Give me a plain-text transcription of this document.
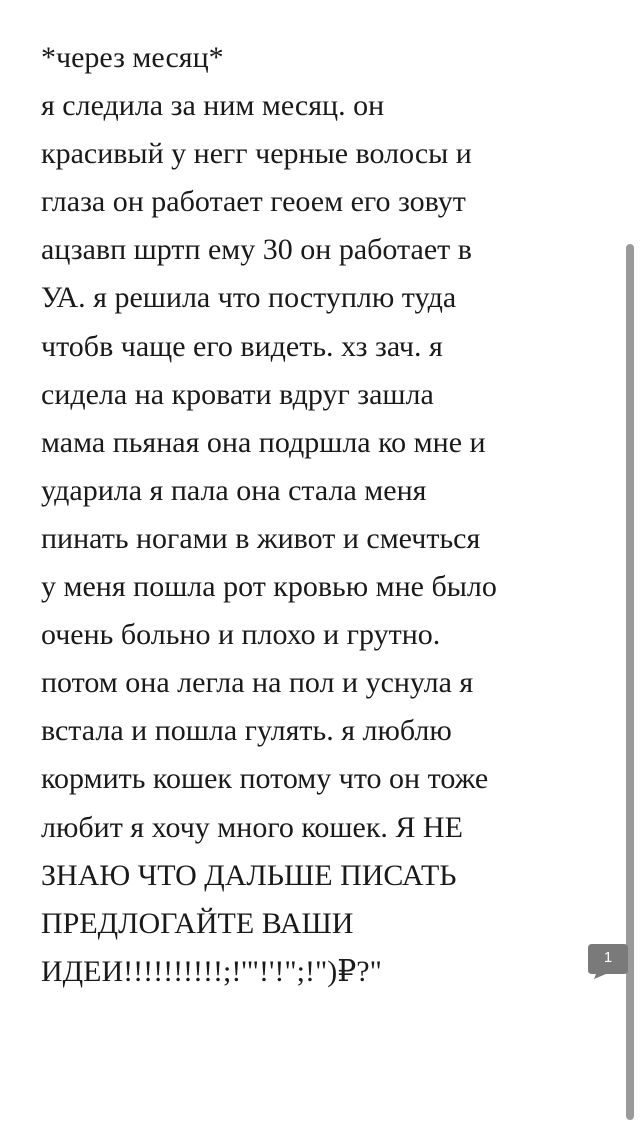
*через месяц*
я следила за ним месяц. он
красивый у негг черные волосы и
глаза он работает геоем его зовут
ацзавп шртп ему 30 он работает в
УА. я решила что поступлю туда
чтобв чаще его видеть. хз зач. я
сидела на кровати вдруг зашла
мама пьяная она подршла ко мне и
ударила я пала она стала меня
пинать ногами в живот и смечться
у меня пошла рот кровью мне было
очень больно и плохо и грутно.
потом она легла на пол и уснула я
встала и пошла гулять. я люблю
кормить кошек потому что он тоже
любит я хочу много кошек. Я НЕ
ЗНАЮ ЧТО ДАЛЬШЕ ПИСАТЬ
ПРЕДЛОГАЙТЕ ВАШИ
ИДЕИ!!!!!!!!!!;!'"!'!";!")₽?"	1
